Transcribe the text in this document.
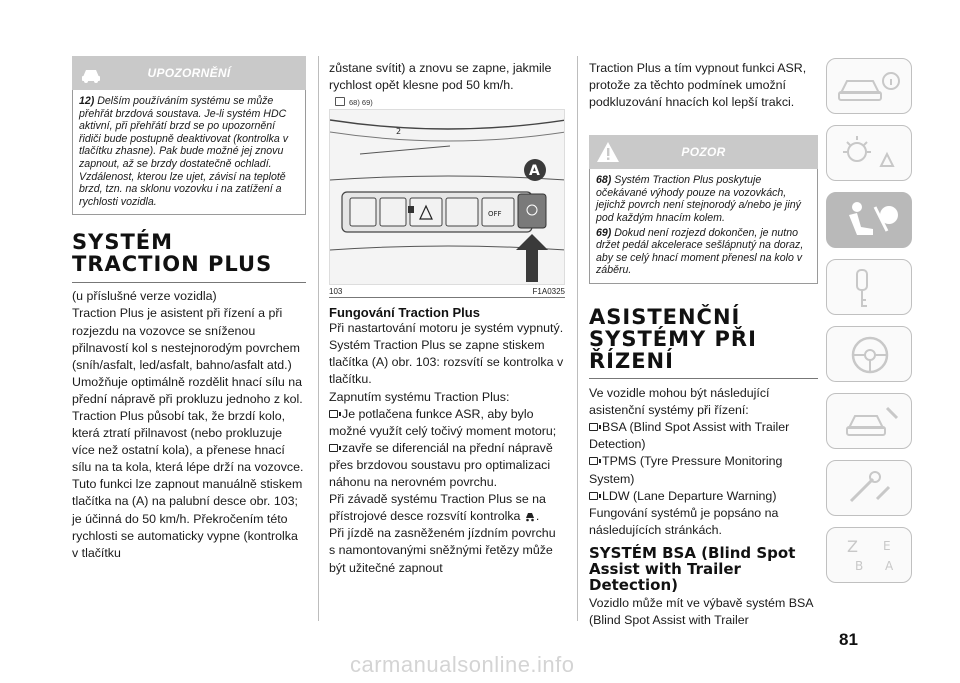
UPOZORNĚNÍ

12) Delším používáním systému se může přehřát brzdová soustava. Je-li systém HDC aktivní, při přehřátí brzd se po upozornění řidiči bude postupně deaktivovat (kontrolka v tlačítku zhasne). Pak bude možné jej znovu zapnout, až se brzdy dostatečně ochladí. Vzdálenost, kterou lze ujet, závisí na teplotě brzd, tzn. na sklonu vozovku i na zatížení a rychlosti vozidla.

SYSTÉM TRACTION PLUS

(u příslušné verze vozidla)

Traction Plus je asistent při řízení a při rozjezdu na vozovce se sníženou přilnavostí kol s nestejnorodým povrchem (sníh/asfalt, led/asfalt, bahno/asfalt atd.) Umožňuje optimálně rozdělit hnací sílu na přední nápravě při prokluzu jednoho z kol.

Traction Plus působí tak, že brzdí kolo, která ztratí přilnavost (nebo prokluzuje více než ostatní kola), a přenese hnací sílu na ta kola, která lépe drží na vozovce.

Tuto funkci lze zapnout manuálně stiskem tlačítka na (A) na palubní desce obr. 103; je účinná do 50 km/h. Překročením této rychlosti se automaticky vypne (kontrolka v tlačítku

zůstane svítit) a znovu se zapne, jakmile rychlost opět klesne pod 50 km/h.
68) 69)
2
OFF
A
103	F1A0325
Fungování Traction Plus

Při nastartování motoru je systém vypnutý.

Systém Traction Plus se zapne stiskem tlačítka (A) obr. 103: rozsvítí se kontrolka v tlačítku.

Zapnutím systému Traction Plus:

Je potlačena funkce ASR, aby bylo možné využít celý točivý moment motoru;

zavře se diferenciál na přední nápravě přes brzdovou soustavu pro optimalizaci náhonu na nerovném povrchu.

Při závadě systému Traction Plus se na přístrojové desce rozsvítí kontrolka .

Při jízdě na zasněženém jízdním povrchu s namontovanými sněžnými řetězy může být užitečné zapnout

Traction Plus a tím vypnout funkci ASR, protože za těchto podmínek umožní podkluzování hnacích kol lepší trakci.
POZOR

68) Systém Traction Plus poskytuje očekávané výhody pouze na vozovkách, jejichž povrch není stejnorodý a/nebo je jiný pod každým hnacím kolem.

69) Dokud není rozjezd dokončen, je nutno držet pedál akcelerace sešlápnutý na doraz, aby se celý hnací moment přenesl na kolo v záběru.

ASISTENČNÍ SYSTÉMY PŘI ŘÍZENÍ

Ve vozidle mohou být následující asistenční systémy při řízení:

BSA (Blind Spot Assist with Trailer Detection)

TPMS (Tyre Pressure Monitoring System)

LDW (Lane Departure Warning)

Fungování systémů je popsáno na následujících stránkách.

SYSTÉM BSA (Blind Spot Assist with Trailer Detection)
Vozidlo může mít ve výbavě systém BSA (Blind Spot Assist with Trailer
Z E
B A
81
carmanualsonline.info
